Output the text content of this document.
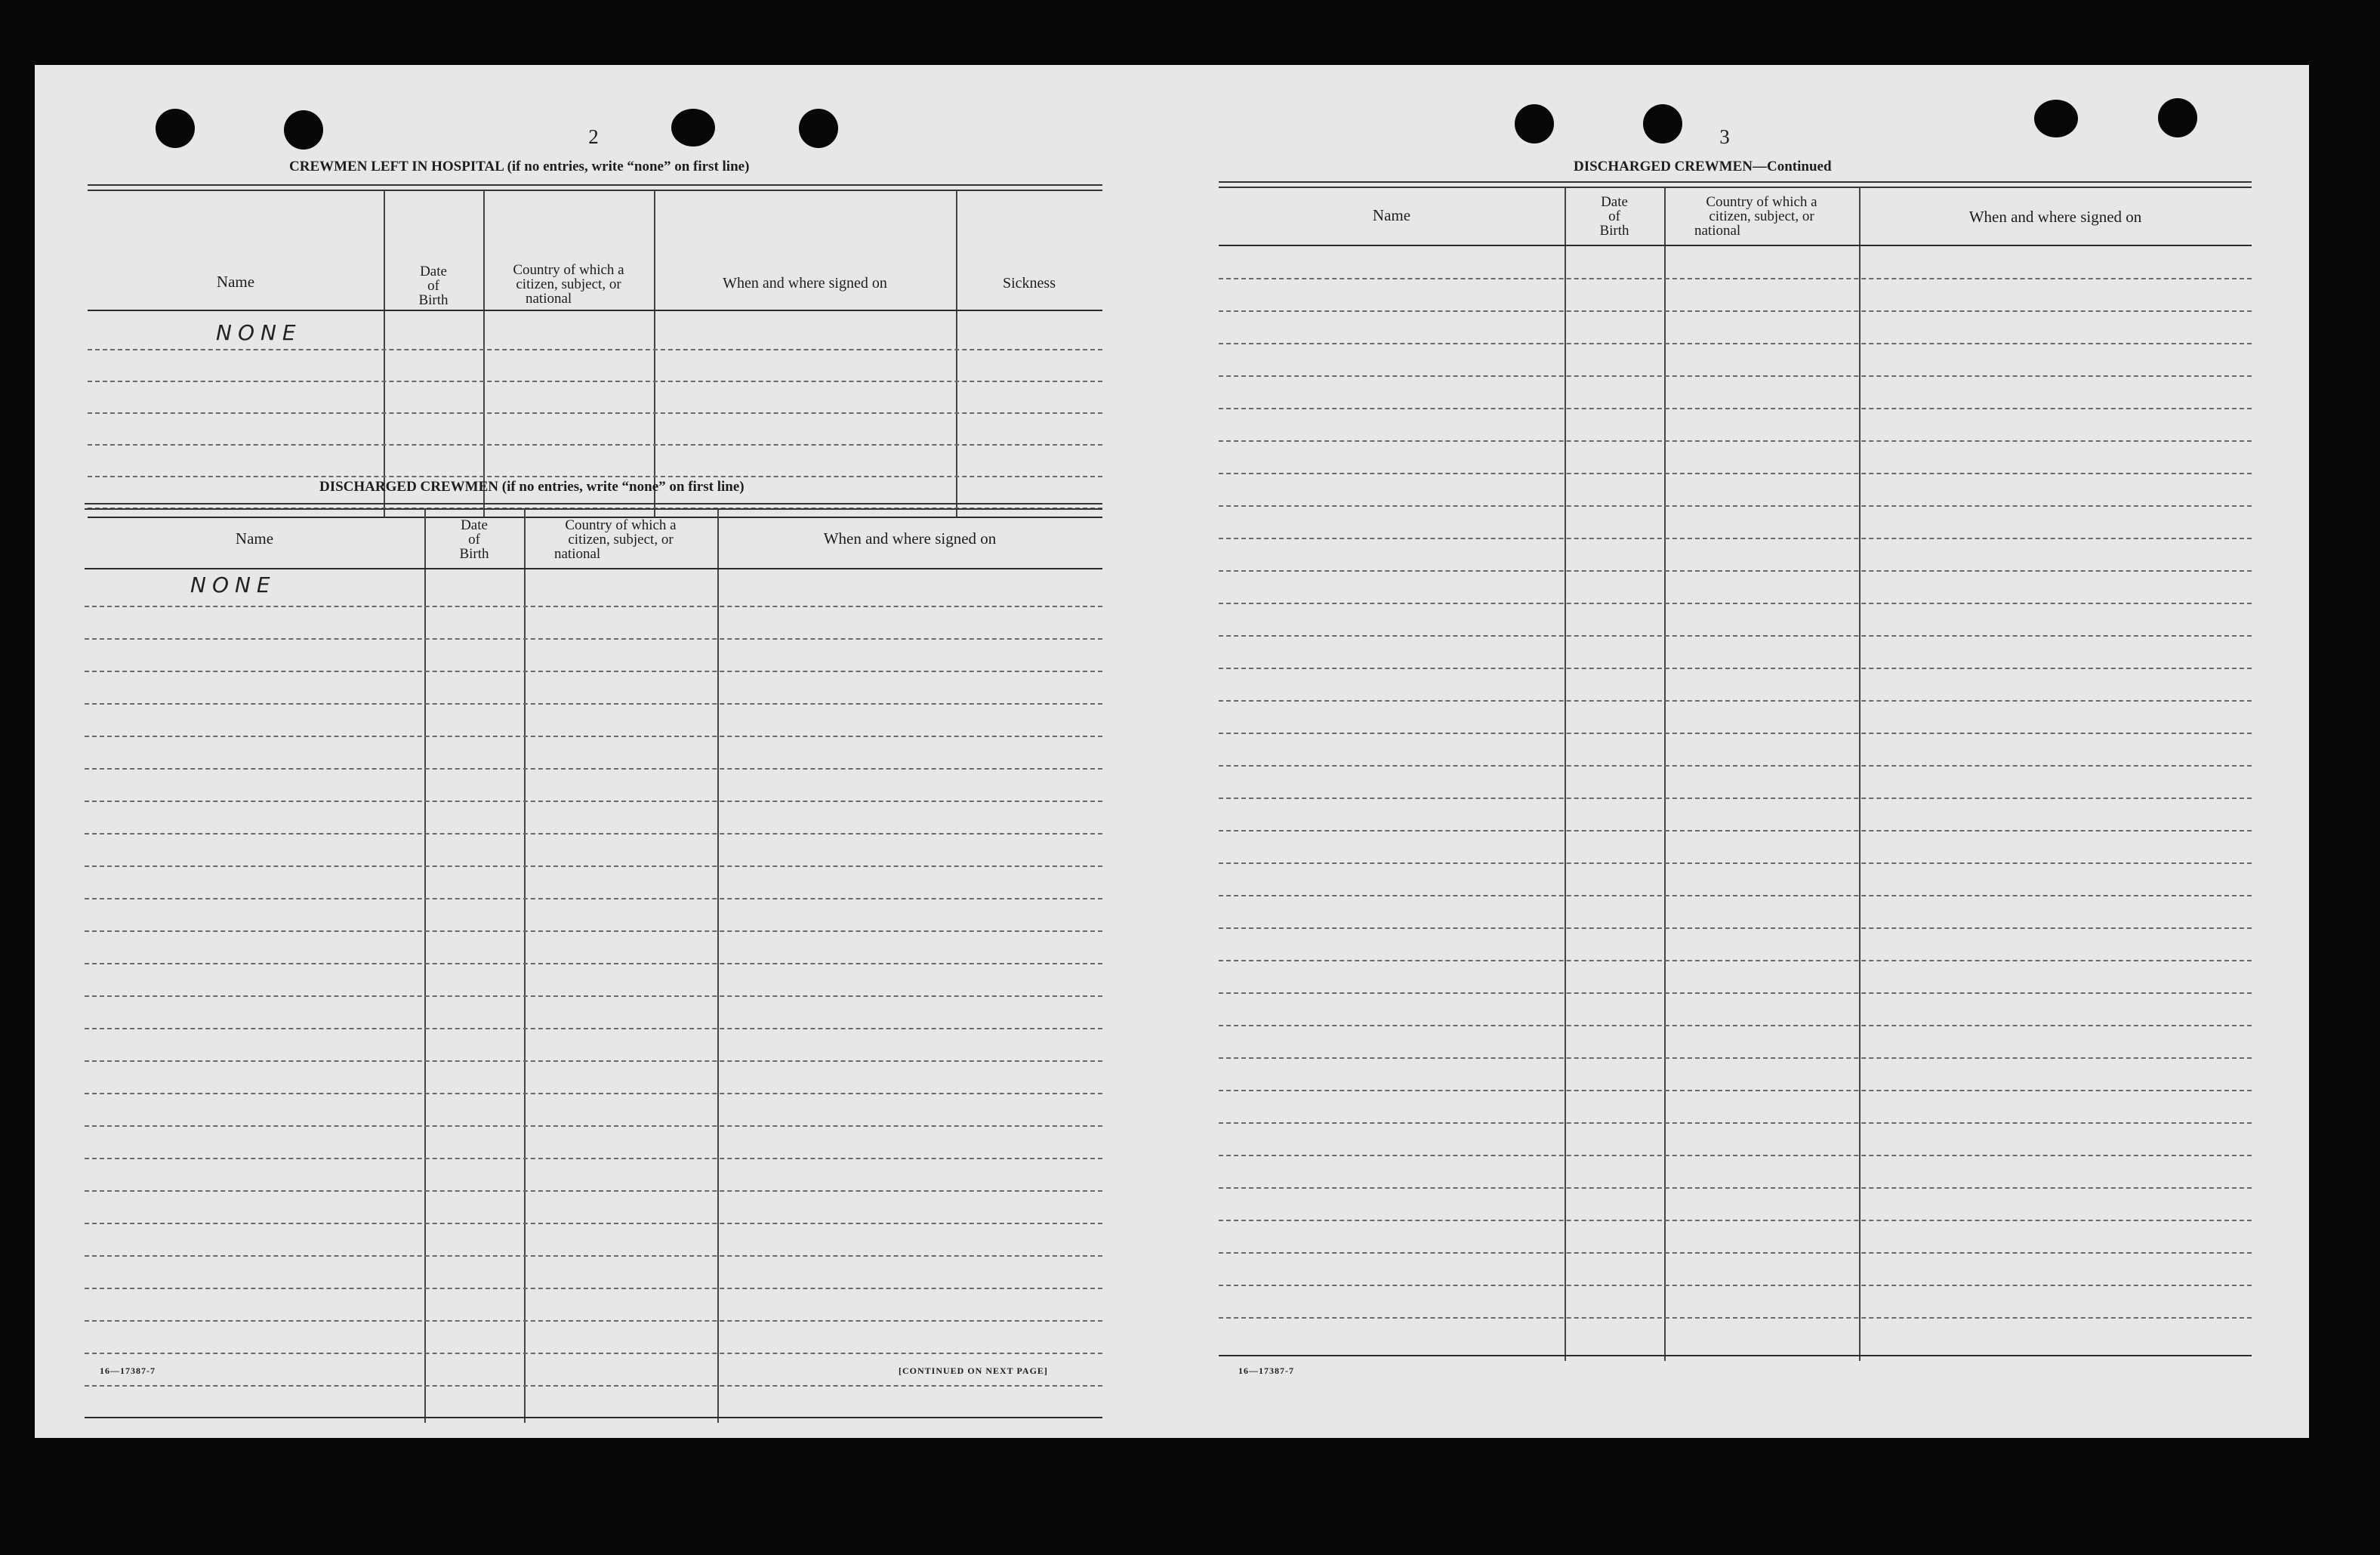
2
CREWMEN LEFT IN HOSPITAL (if no entries, write “none” on first line)
Name
Date
of
Birth
Country of which a
citizen, subject, or
national
When and where signed on	Sickness
NONE
DISCHARGED CREWMEN (if no entries, write “none” on first line)
Name
Date
of
Birth
Country of which a
citizen, subject, or
national
When and where signed on
NONE
16—17387-7	[CONTINUED ON NEXT PAGE]
3
DISCHARGED CREWMEN—Continued
Name
Date
of
Birth
Country of which a
citizen, subject, or
national
When and where signed on
16—17387-7
